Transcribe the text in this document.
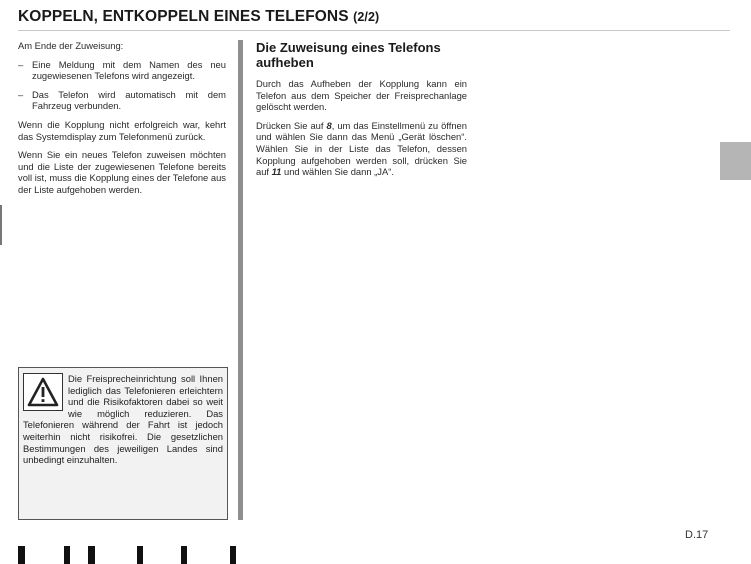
KOPPELN, ENTKOPPELN EINES TELEFONS (2/2)

Am Ende der Zuweisung:

– Eine Meldung mit dem Namen des neu zugewiesenen Telefons wird angezeigt.
– Das Telefon wird automatisch mit dem Fahrzeug verbunden.

Wenn die Kopplung nicht erfolgreich war, kehrt das Systemdisplay zum Telefonmenü zurück.

Wenn Sie ein neues Telefon zuweisen möchten und die Liste der zugewiesenen Telefone bereits voll ist, muss die Kopplung eines der Telefone aus der Liste aufgehoben werden.

Die Freisprecheinrichtung soll Ihnen lediglich das Telefonieren erleichtern und die Risikofaktoren dabei so weit wie möglich reduzieren. Das Telefonieren während der Fahrt ist jedoch weiterhin nicht risikofrei. Die gesetzlichen Bestimmungen des jeweiligen Landes sind unbedingt einzuhalten.
Die Zuweisung eines Telefons aufheben

Durch das Aufheben der Kopplung kann ein Telefon aus dem Speicher der Freisprechanlage gelöscht werden.

Drücken Sie auf 8, um das Einstellmenü zu öffnen und wählen Sie dann das Menü „Gerät löschen“. Wählen Sie in der Liste das Telefon, dessen Kopplung aufgehoben werden soll, drücken Sie auf 11 und wählen Sie dann „JA“.

D.17
